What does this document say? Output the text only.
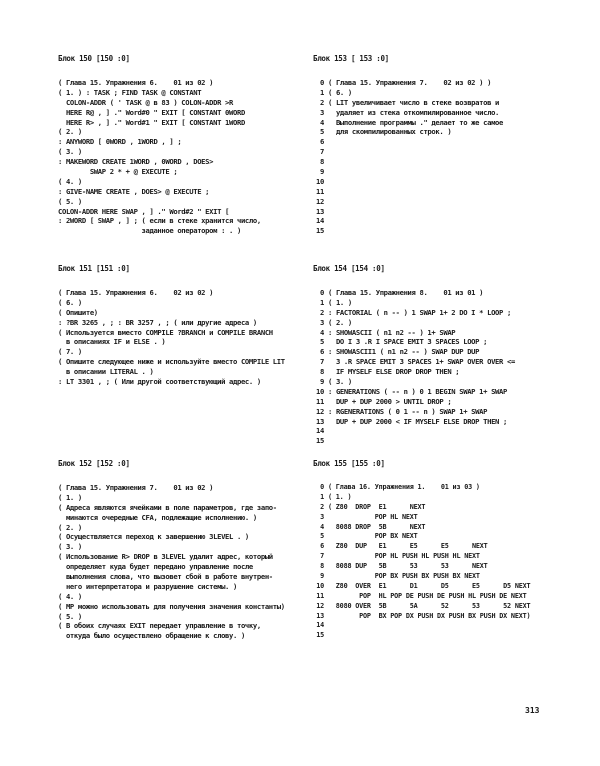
Блок 150 [150 :0]
( Глава 15. Упражнения 6.    01 из 02 )
( 1. ) : TASK ; FIND TASK @ CONSTANT
COLON-ADDR ( ' TASK @ в 83 ) COLON-ADDR >R
HERE R@ , ] ." Word#0 " EXIT [ CONSTANT 0WORD
HERE R> , ] ." Word#1 " EXIT [ CONSTANT 1WORD
( 2. )
: ANYWORD [ 0WORD , 1WORD , ] ;
( 3. )
: MAKEWORD CREATE 1WORD , 0WORD , DOES>
SWAP 2 * + @ EXECUTE ;
( 4. )
: GIVE-NAME CREATE , DOES> @ EXECUTE ;
( 5. )
COLON-ADDR HERE SWAP , ] ." Word#2 " EXIT [
: 2WORD [ SWAP , ] ; ( если в стеке хранится число,
заданное оператором : . )
Блок 151 [151 :0]
( Глава 15. Упражнения 6.    02 из 02 )
( 6. )
( Опишите)
: ?BR 3265 , ; : BR 3257 , ; ( или другие адреса )
( Используется вместо COMPILE ?BRANCH и COMPILE BRANCH
в описаниях IF и ELSE . )
( 7. )
( Опишите следующее ниже и используйте вместо COMPILE LIT
в описании LITERAL . )
: LT 3301 , ; ( Или другой соответствующий адрес. )
Блок 152 [152 :0]
( Глава 15. Упражнения 7.    01 из 02 )
( 1. )
( Адреса являются ячейками в поле параметров, где запо-
минаются очередные CFA, подлежащие исполнению. )
( 2. )
( Осуществляется переход к завершению 3LEVEL . )
( 3. )
( Использование R> DROP в 3LEVEL удалит адрес, который
определяет куда будет передано управление после
выполнения слова, что вызовет сбой в работе внутрен-
него интерпретатора и разрушение системы. )
( 4. )
( MP можно использовать для получения значения константы)
( 5. )
( В обоих случаях EXIT передает управление в точку,
откуда было осуществлено обращение к слову. )
Блок 153 [ 153 :0]
0 ( Глава 15. Упражнения 7.    02 из 02 ) )
1 ( 6. )
2 ( LIT увеличивает число в стеке возвратов и
3  удаляет из стека откомпилированное число.
4  Выполнение программы ." делает то же самое
5  для скомпилированных строк. )
6
7
8
9
10
11
12
13
14
15
Блок 154 [154 :0]
0 ( Глава 15. Упражнения 8.    01 из 01 )
1 ( 1. )
2 : FACTORIAL ( n -- ) 1 SWAP 1+ 2 DO I * LOOP ;
3 ( 2. )
4 : SHOWASCII ( n1 n2 -- ) 1+ SWAP
5  DO I 3 .R I SPACE EMIT 3 SPACES LOOP ;
6 : SHOWASCII1 ( n1 n2 -- ) SWAP DUP DUP
7  3 .R SPACE EMIT 3 SPACES 1+ SWAP OVER OVER <=
8  IF MYSELF ELSE DROP DROP THEN ;
9 ( 3. )
10 : GENERATIONS ( -- n ) 0 1 BEGIN SWAP 1+ SWAP
11  DUP + DUP 2000 > UNTIL DROP ;
12 : RGENERATIONS ( 0 1 -- n ) SWAP 1+ SWAP
13  DUP + DUP 2000 < IF MYSELF ELSE DROP THEN ;
14
15
Блок 155 [155 :0]
0 ( Глава 16. Упражнения 1.    01 из 03 )
1 ( 1. )
2 ( Z80  DROP  E1      NEXT
3            POP HL NEXT
4  8088 DROP  5B      NEXT
5            POP BX NEXT
6  Z80  DUP   E1      E5      E5      NEXT
7            POP HL PUSH HL PUSH HL NEXT
8  8088 DUP   5B      53      53      NEXT
9            POP BX PUSH BX PUSH BX NEXT
10  Z80  OVER  E1      D1      D5      E5      D5 NEXT
11        POP  HL POP DE PUSH DE PUSH HL PUSH DE NEXT
12  8080 OVER  5B      5A      52      53      52 NEXT
13        POP  BX POP DX PUSH DX PUSH BX PUSH DX NEXT)
14
15
313
